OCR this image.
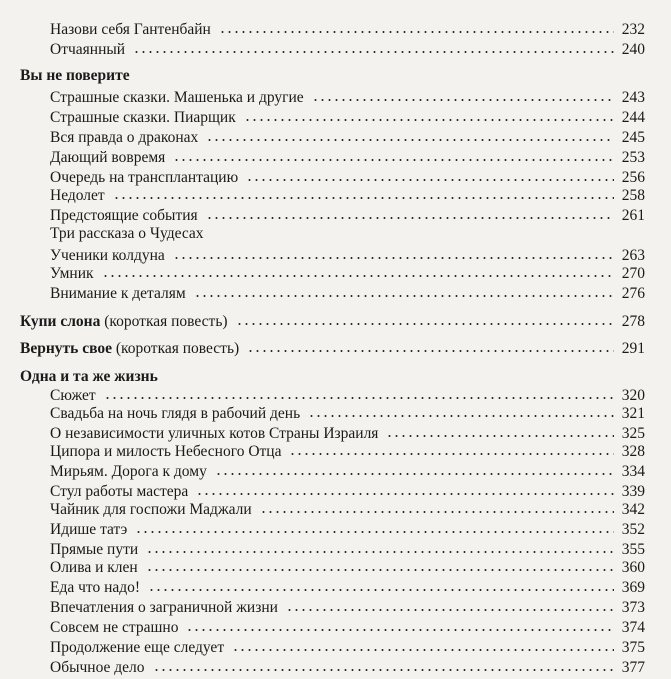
Назови себя Гантенбайн	232
Отчаянный	240
Вы не поверите
Страшные сказки. Машенька и другие	243
Страшные сказки. Пиарщик	244
Вся правда о драконах	245
Дающий вовремя	253
Очередь на трансплантацию	256
Недолет	258
Предстоящие события	261
Три рассказа о Чудесах
Ученики колдуна	263
Умник	270
Внимание к деталям	276
Купи слона (короткая повесть)	278
Вернуть свое (короткая повесть)	291
Одна и та же жизнь
Сюжет	320
Свадьба на ночь глядя в рабочий день	321
О независимости уличных котов Страны Израиля	325
Ципора и милость Небесного Отца	328
Мирьям. Дорога к дому	334
Стул работы мастера	339
Чайник для госпожи Маджали	342
Идише татэ	352
Прямые пути	355
Олива и клен	360
Еда что надо!	369
Впечатления о заграничной жизни	373
Совсем не страшно	374
Продолжение еще следует	375
Обычное дело	377
